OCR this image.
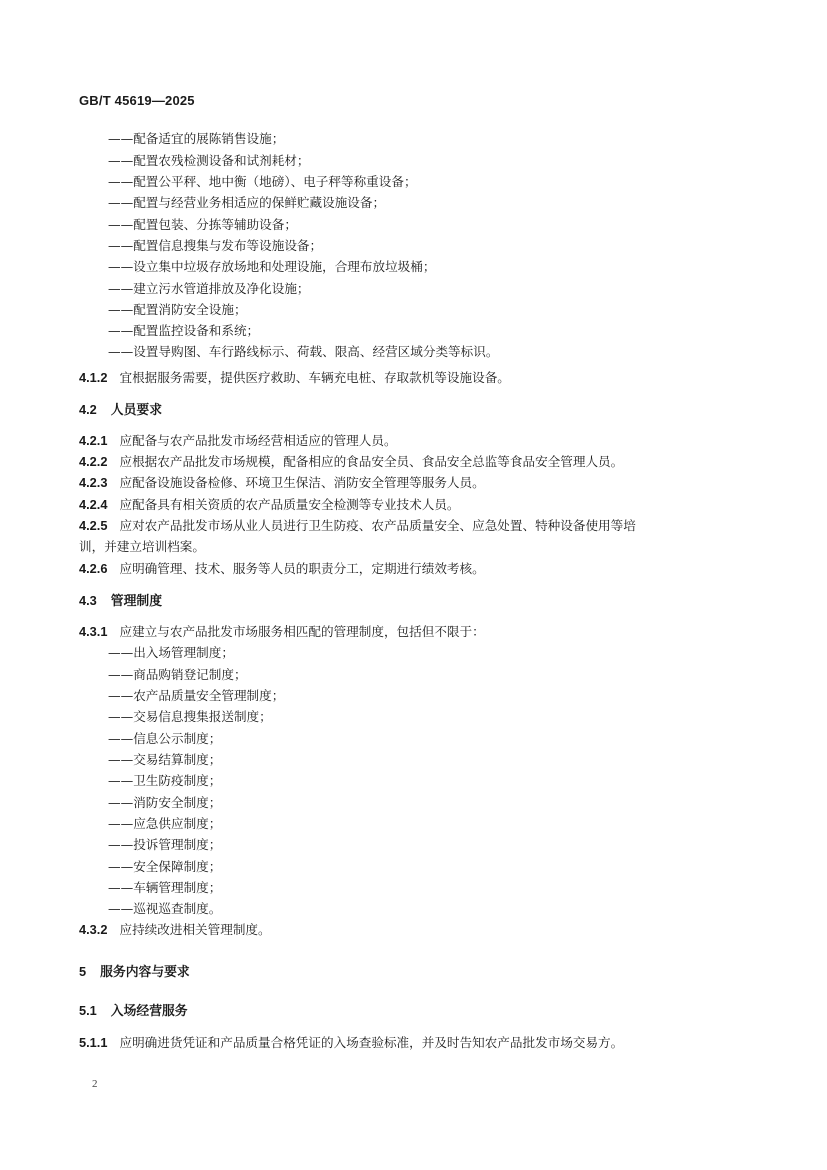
GB/T 45619—2025
——配备适宜的展陈销售设施；
——配置农残检测设备和试剂耗材；
——配置公平秤、地中衡（地磅）、电子秤等称重设备；
——配置与经营业务相适应的保鲜贮藏设施设备；
——配置包装、分拣等辅助设备；
——配置信息搜集与发布等设施设备；
——设立集中垃圾存放场地和处理设施，合理布放垃圾桶；
——建立污水管道排放及净化设施；
——配置消防安全设施；
——配置监控设备和系统；
——设置导购图、车行路线标示、荷载、限高、经营区域分类等标识。
4.1.2 宜根据服务需要，提供医疗救助、车辆充电桩、存取款机等设施设备。
4.2 人员要求
4.2.1 应配备与农产品批发市场经营相适应的管理人员。
4.2.2 应根据农产品批发市场规模，配备相应的食品安全员、食品安全总监等食品安全管理人员。
4.2.3 应配备设施设备检修、环境卫生保洁、消防安全管理等服务人员。
4.2.4 应配备具有相关资质的农产品质量安全检测等专业技术人员。
4.2.5 应对农产品批发市场从业人员进行卫生防疫、农产品质量安全、应急处置、特种设备使用等培
训，并建立培训档案。
4.2.6 应明确管理、技术、服务等人员的职责分工，定期进行绩效考核。
4.3 管理制度
4.3.1 应建立与农产品批发市场服务相匹配的管理制度，包括但不限于：
——出入场管理制度；
——商品购销登记制度；
——农产品质量安全管理制度；
——交易信息搜集报送制度；
——信息公示制度；
——交易结算制度；
——卫生防疫制度；
——消防安全制度；
——应急供应制度；
——投诉管理制度；
——安全保障制度；
——车辆管理制度；
——巡视巡查制度。
4.3.2 应持续改进相关管理制度。
5 服务内容与要求
5.1 入场经营服务
5.1.1 应明确进货凭证和产品质量合格凭证的入场查验标准，并及时告知农产品批发市场交易方。
2
